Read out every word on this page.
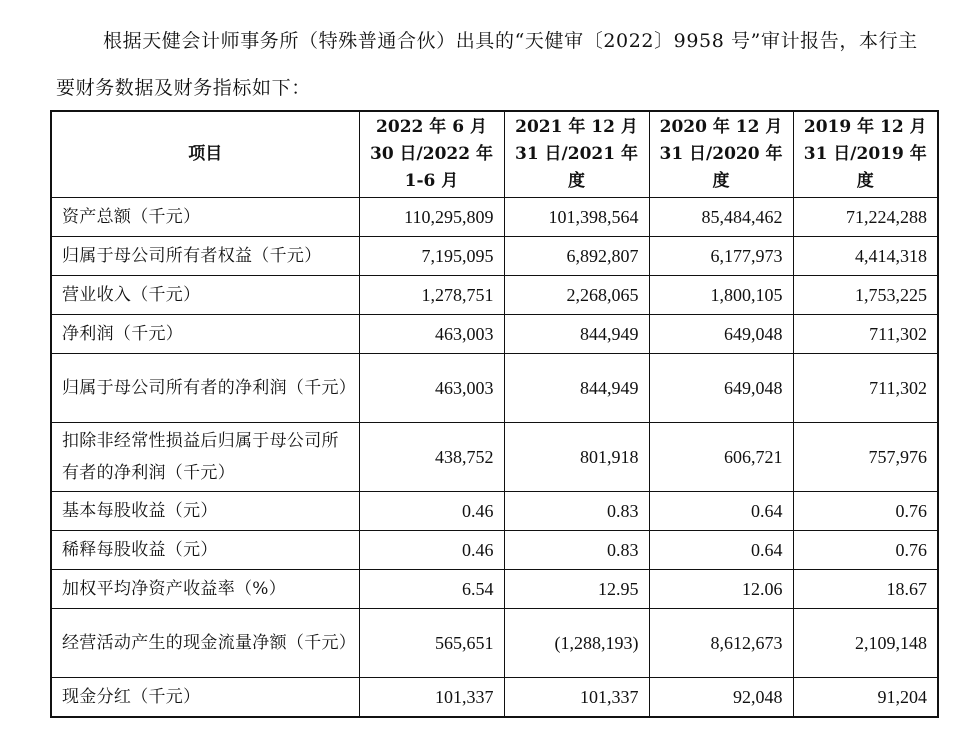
根据天健会计师事务所（特殊普通合伙）出具的“天健审〔2022〕9958 号”审计报告，本行主要财务数据及财务指标如下：

项目	2022 年 6 月 30 日/2022 年 1-6 月	2021 年 12 月 31 日/2021 年度	2020 年 12 月 31 日/2020 年度	2019 年 12 月 31 日/2019 年度
资产总额（千元）	110,295,809	101,398,564	85,484,462	71,224,288
归属于母公司所有者权益（千元）	7,195,095	6,892,807	6,177,973	4,414,318
营业收入（千元）	1,278,751	2,268,065	1,800,105	1,753,225
净利润（千元）	463,003	844,949	649,048	711,302
归属于母公司所有者的净利润（千元）	463,003	844,949	649,048	711,302
扣除非经常性损益后归属于母公司所有者的净利润（千元）	438,752	801,918	606,721	757,976
基本每股收益（元）	0.46	0.83	0.64	0.76
稀释每股收益（元）	0.46	0.83	0.64	0.76
加权平均净资产收益率（%）	6.54	12.95	12.06	18.67
经营活动产生的现金流量净额（千元）	565,651	(1,288,193)	8,612,673	2,109,148
现金分红（千元）	101,337	101,337	92,048	91,204
